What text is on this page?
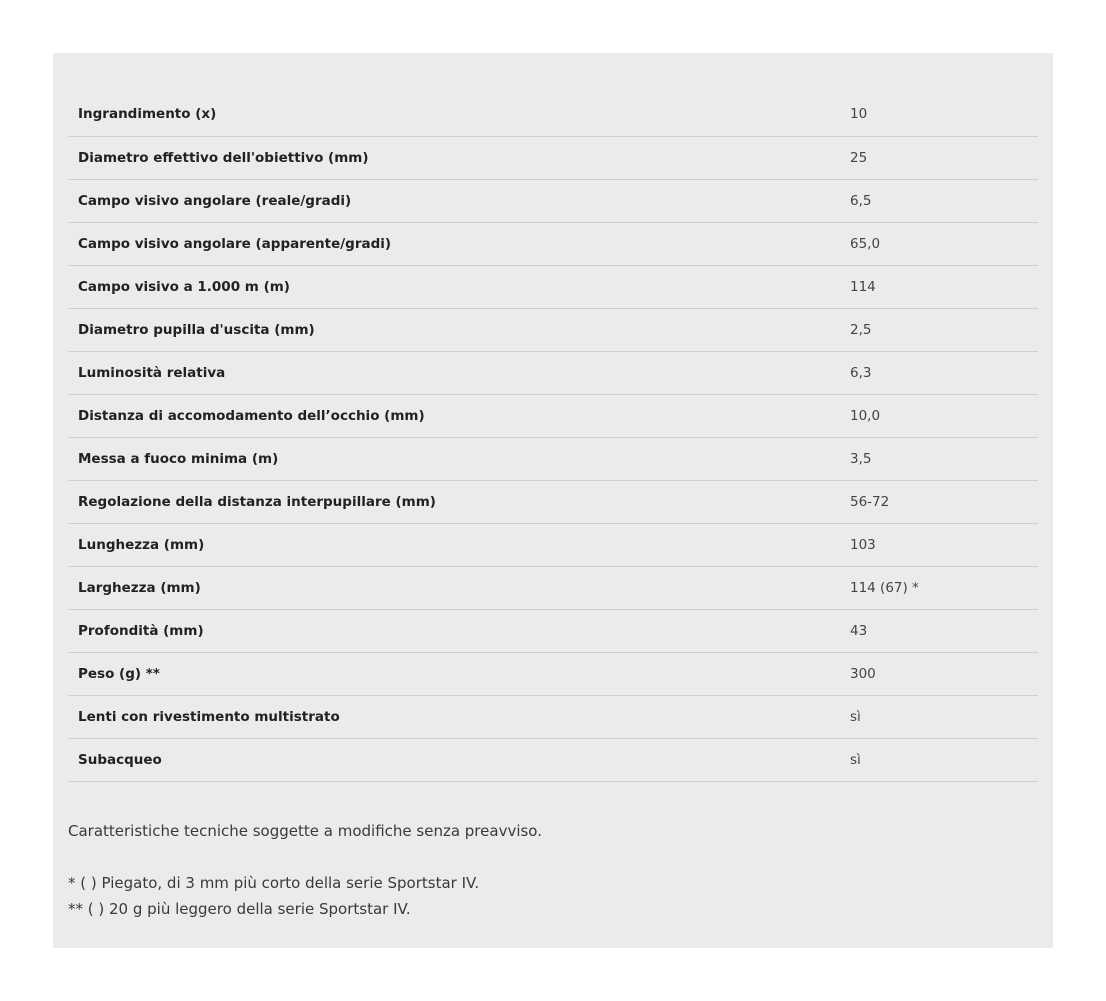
Ingrandimento (x)	10
Diametro effettivo dell'obiettivo (mm)	25
Campo visivo angolare (reale/gradi)	6,5
Campo visivo angolare (apparente/gradi)	65,0
Campo visivo a 1.000 m (m)	114
Diametro pupilla d'uscita (mm)	2,5
Luminosità relativa	6,3
Distanza di accomodamento dell’occhio (mm)	10,0
Messa a fuoco minima (m)	3,5
Regolazione della distanza interpupillare (mm)	56-72
Lunghezza (mm)	103
Larghezza (mm)	114 (67) *
Profondità (mm)	43
Peso (g) **	300
Lenti con rivestimento multistrato	sì
Subacqueo	sì

Caratteristiche tecniche soggette a modifiche senza preavviso.

* ( ) Piegato, di 3 mm più corto della serie Sportstar IV.

** ( ) 20 g più leggero della serie Sportstar IV.
